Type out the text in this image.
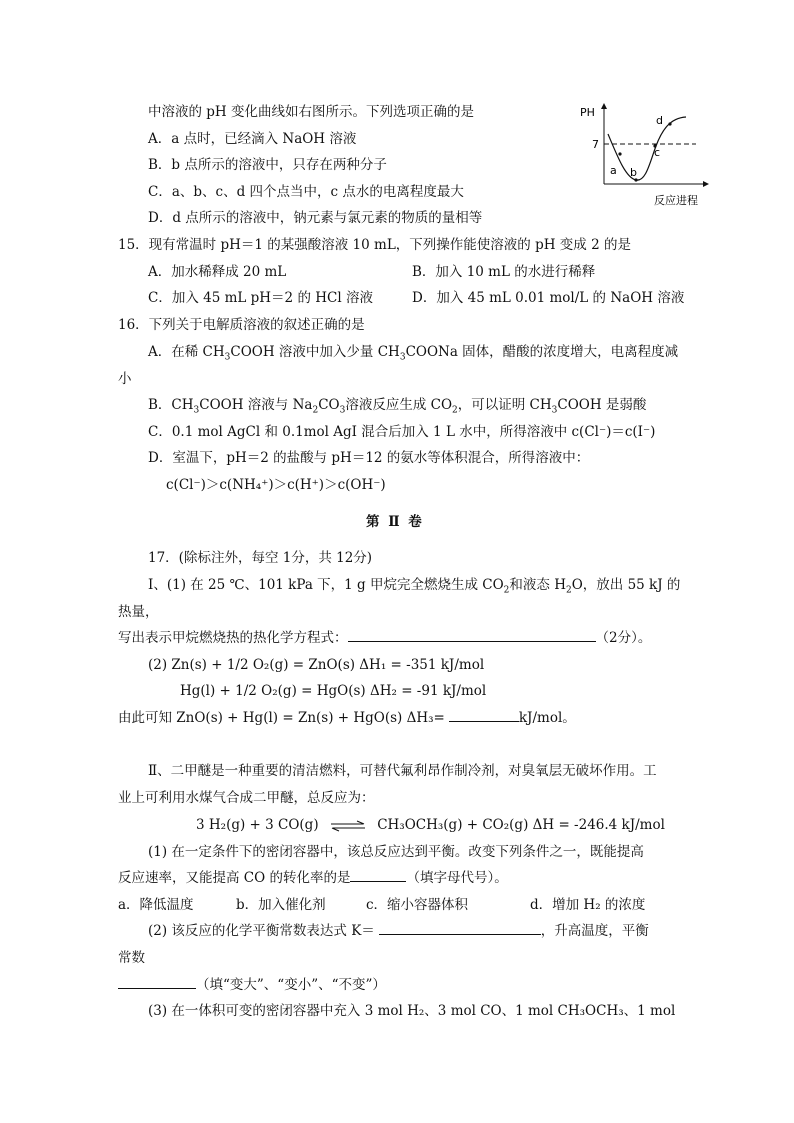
中溶液的 pH 变化曲线如右图所示。下列选项正确的是
A．a 点时，已经滴入 NaOH 溶液
B．b 点所示的溶液中，只存在两种分子
C．a、b、c、d 四个点当中，c 点水的电离程度最大
D．d 点所示的溶液中，钠元素与氯元素的物质的量相等
PH
7
a b
c
d
反应进程
15．现有常温时 pH＝1 的某强酸溶液 10 mL，下列操作能使溶液的 pH 变成 2 的是
A．加水稀释成 20 mL	B．加入 10 mL 的水进行稀释
C．加入 45 mL pH＝2 的 HCl 溶液	D．加入 45 mL 0.01 mol/L 的 NaOH 溶液
16．下列关于电解质溶液的叙述正确的是
A．在稀 $CH_3COOH$ 溶液中加入少量 $CH_3COONa$ 固体，醋酸的浓度增大，电离程度减
小
B．$CH_3COOH$ 溶液与 $Na_2CO_3$溶液反应生成 $CO_2$，可以证明 $CH_3COOH$ 是弱酸
C．0.1 mol AgCl 和 0.1mol AgI 混合后加入 1 L 水中，所得溶液中 c(Cl⁻)＝c(I⁻)
D．室温下，pH＝2 的盐酸与 pH＝12 的氨水等体积混合，所得溶液中：
c(Cl⁻)＞c(NH₄⁺)＞c(H⁺)＞c(OH⁻)
第 Ⅱ 卷
17．(除标注外，每空 1分，共 12分)
Ⅰ、(1) 在 25 ℃、101 kPa 下，1 g 甲烷完全燃烧生成 $CO_2$和液态 $H_2O$，放出 55 kJ 的
热量，
写出表示甲烷燃烧热的热化学方程式：	（2分）。
(2) Zn(s) + 1/2 O₂(g) = ZnO(s) ΔH₁ = -351 kJ/mol
Hg(l) + 1/2 O₂(g) = HgO(s) ΔH₂ = -91 kJ/mol
由此可知 ZnO(s) + Hg(l) = Zn(s) + HgO(s) ΔH₃=	kJ/mol。
Ⅱ、二甲醚是一种重要的清洁燃料，可替代氟利昂作制冷剂，对臭氧层无破坏作用。工
业上可利用水煤气合成二甲醚，总反应为：
3 H₂(g) + 3 CO(g) ⇌ CH₃OCH₃(g) + CO₂(g) ΔH = -246.4 kJ/mol
(1) 在一定条件下的密闭容器中，该总反应达到平衡。改变下列条件之一，既能提高
反应速率，又能提高 CO 的转化率的是	（填字母代号）。
a．降低温度	b．加入催化剂	c．缩小容器体积	d．增加 H₂ 的浓度
(2) 该反应的化学平衡常数表达式 K＝	，升高温度，平衡
常数
（填“变大”、“变小”、“不变”）
(3) 在一体积可变的密闭容器中充入 3 mol H₂、3 mol CO、1 mol CH₃OCH₃、1 mol
